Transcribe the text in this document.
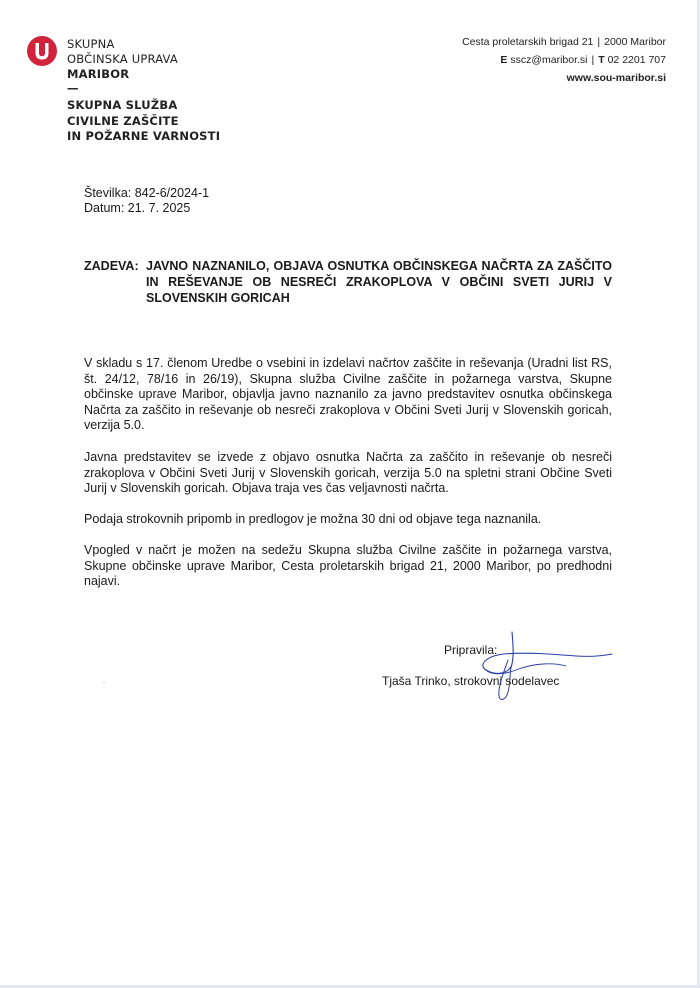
SKUPNA
OBČINSKA UPRAVA
MARIBOR
—
SKUPNA SLUŽBA
CIVILNE ZAŠČITE
IN POŽARNE VARNOSTI
Cesta proletarskih brigad 21 | 2000 Maribor
E sscz@maribor.si | T 02 2201 707
www.sou-maribor.si
Številka: 842-6/2024-1
Datum: 21. 7. 2025
ZADEVA: JAVNO NAZNANILO, OBJAVA OSNUTKA OBČINSKEGA NAČRTA ZA ZAŠČITO IN REŠEVANJE OB NESREČI ZRAKOPLOVA V OBČINI SVETI JURIJ V SLOVENSKIH GORICAH
V skladu s 17. členom Uredbe o vsebini in izdelavi načrtov zaščite in reševanja (Uradni list RS, št. 24/12, 78/16 in 26/19), Skupna služba Civilne zaščite in požarnega varstva, Skupne občinske uprave Maribor, objavlja javno naznanilo za javno predstavitev osnutka občinskega Načrta za zaščito in reševanje ob nesreči zrakoplova v Občini Sveti Jurij v Slovenskih goricah, verzija 5.0.
Javna predstavitev se izvede z objavo osnutka Načrta za zaščito in reševanje ob nesreči zrakoplova v Občini Sveti Jurij v Slovenskih goricah, verzija 5.0 na spletni strani Občine Sveti Jurij v Slovenskih goricah. Objava traja ves čas veljavnosti načrta.
Podaja strokovnih pripomb in predlogov je možna 30 dni od objave tega naznanila.
Vpogled v načrt je možen na sedežu Skupna služba Civilne zaščite in požarnega varstva, Skupne občinske uprave Maribor, Cesta proletarskih brigad 21, 2000 Maribor, po predhodni najavi.
Pripravila:
Tjaša Trinko, strokovni sodelavec
